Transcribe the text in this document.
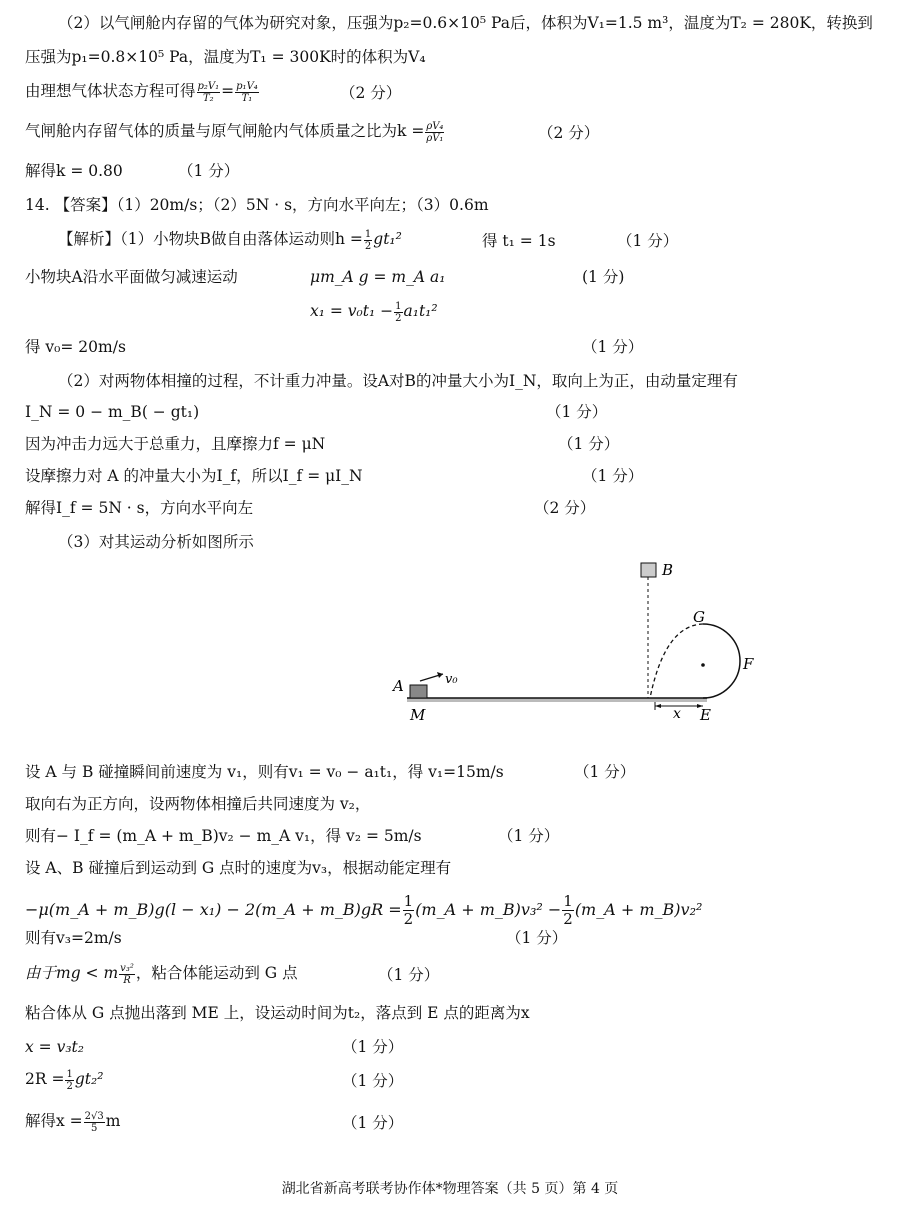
（2）以气闸舱内存留的气体为研究对象，压强为p₂=0.6×10⁵ Pa后，体积为V₁=1.5 m³，温度为T₂ = 280K，转换到
压强为p₁=0.8×10⁵ Pa，温度为T₁ = 300K时的体积为V₄
由理想气体状态方程可得 $\frac{\text{p₂V₁}}{\text{T₂}} = \frac{\text{p₁V₄}}{\text{T₁}}$	（2 分）
气闸舱内存留气体的质量与原气闸舱内气体质量之比为$k = \frac{\text{ρV₄}}{\text{ρV₁}}$	（2 分）
解得k = 0.80	（1 分）
14. 【答案】（1）20m/s；（2）5N · s，方向水平向左；（3）0.6m
【解析】（1）小物块B做自由落体运动则$h = \frac{1}{2} gt_1^2$	得 t₁ = 1s	（1 分）
小物块A沿水平面做匀减速运动	μm_A g = m_A a₁	(1 分)
$x_1 = v_0t_1 - \frac{1}{2} a_1t_1^2$
得 v₀= 20m/s	（1 分）
（2）对两物体相撞的过程，不计重力冲量。设A对B的冲量大小为I_N，取向上为正，由动量定理有
I_N = 0 − m_B( − gt₁)	（1 分）
因为冲击力远大于总重力，且摩擦力f = μN	（1 分）
设摩擦力对 A 的冲量大小为I_f，所以I_f = μI_N	（1 分）
解得I_f = 5N · s，方向水平向左	（2 分）
（3）对其运动分析如图所示
A	v₀
M
B
G
F
E
x
设 A 与 B 碰撞瞬间前速度为 v₁，则有v₁ = v₀ − a₁t₁，得 v₁=15m/s	（1 分）
取向右为正方向，设两物体相撞后共同速度为 v₂，
则有− I_f = (m_A + m_B)v₂ − m_A v₁，得 v₂ = 5m/s	（1 分）
设 A、B 碰撞后到运动到 G 点时的速度为v₃，根据动能定理有
−μ(m_A + m_B)g(l − x₁) − 2(m_A + m_B)gR = $\frac{1}{2}$ (m_A + m_B)v₃² − $\frac{1}{2}$ (m_A + m_B)v₂²
则有v₃=2m/s	（1 分）
由于mg < m $\frac{\text{v₃²}}{R}$ ，粘合体能运动到 G 点	（1 分）
粘合体从 G 点抛出落到 ME 上，设运动时间为t₂，落点到 E 点的距离为x
x = v₃t₂	（1 分）
$2R = \frac{1}{2} gt_2^2$	（1 分）
解得$x = \frac{2√3}{5}$ m	（1 分）
湖北省新高考联考协作体*物理答案（共 5 页）第 4 页
